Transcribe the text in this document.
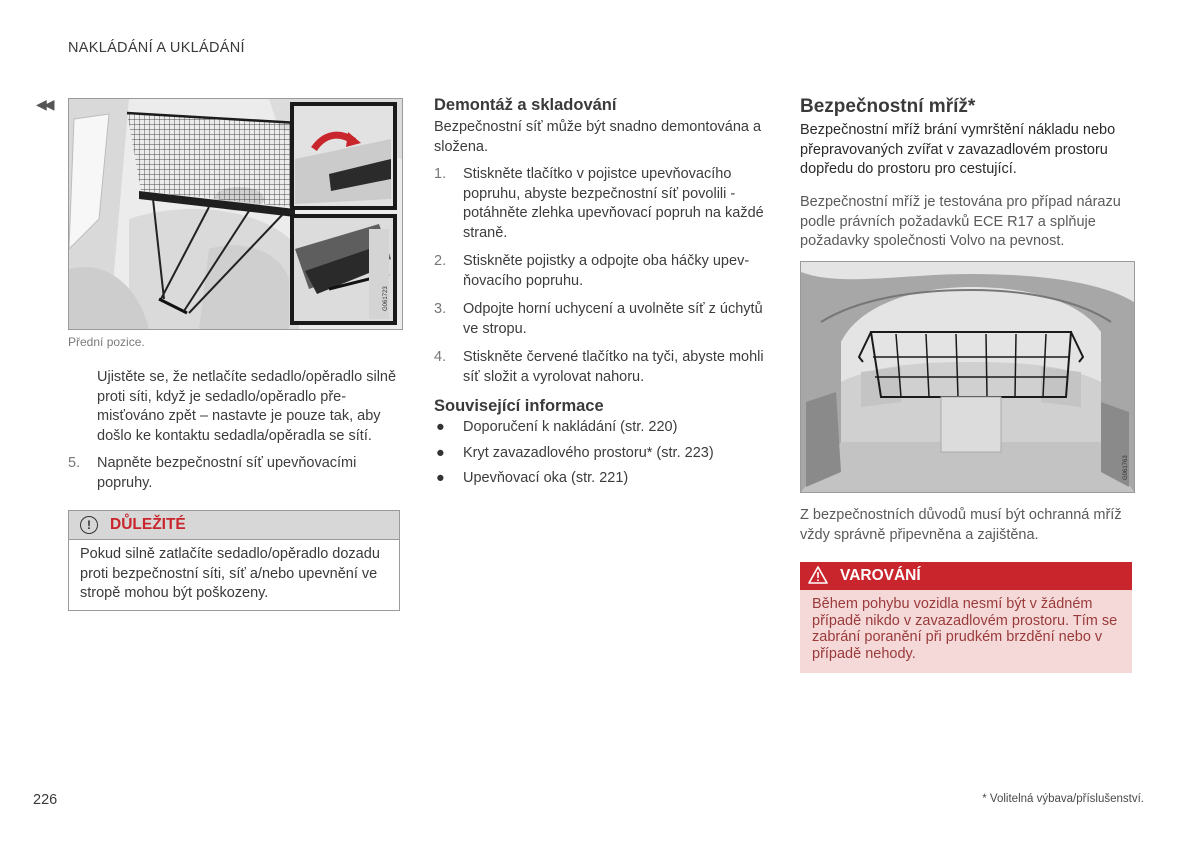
NAKLÁDÁNÍ A UKLÁDÁNÍ
◀◀
G061723
Přední pozice.
Ujistěte se, že netlačíte sedadlo/opěradlo silně proti síti, když je sedadlo/opěradlo přemisťováno zpět – nastavte je pouze tak, aby došlo ke kontaktu sedadla/opěradla se sítí.
5. Napněte bezpečnostní síť upevňovacími popruhy.
!	DŮLEŽITÉ
Pokud silně zatlačíte sedadlo/opěradlo dozadu proti bezpečnostní síti, síť a/nebo upevnění ve stropě mohou být poškozeny.
Demontáž a skladování
Bezpečnostní síť může být snadno demontována a složena.
1. Stiskněte tlačítko v pojistce upevňovacího popruhu, abyste bezpečnostní síť povolili - potáhněte zlehka upevňovací popruh na každé straně.
2. Stiskněte pojistky a odpojte oba háčky upevňovacího popruhu.
3. Odpojte horní uchycení a uvolněte síť z úchytů ve stropu.
4. Stiskněte červené tlačítko na tyči, abyste mohli síť složit a vyrolovat nahoru.
Související informace
● Doporučení k nakládání (str. 220)
● Kryt zavazadlového prostoru* (str. 223)
● Upevňovací oka (str. 221)
Bezpečnostní mříž*
Bezpečnostní mříž brání vymrštění nákladu nebo přepravovaných zvířat v zavazadlovém prostoru dopředu do prostoru pro cestující.
Bezpečnostní mříž je testována pro případ nárazu podle právních požadavků ECE R17 a splňuje požadavky společnosti Volvo na pevnost.
G061763
Z bezpečnostních důvodů musí být ochranná mříž vždy správně připevněna a zajištěna.
VAROVÁNÍ
Během pohybu vozidla nesmí být v žádném případě nikdo v zavazadlovém prostoru. Tím se zabrání poranění při prudkém brzdění nebo v případě nehody.
226	* Volitelná výbava/příslušenství.
